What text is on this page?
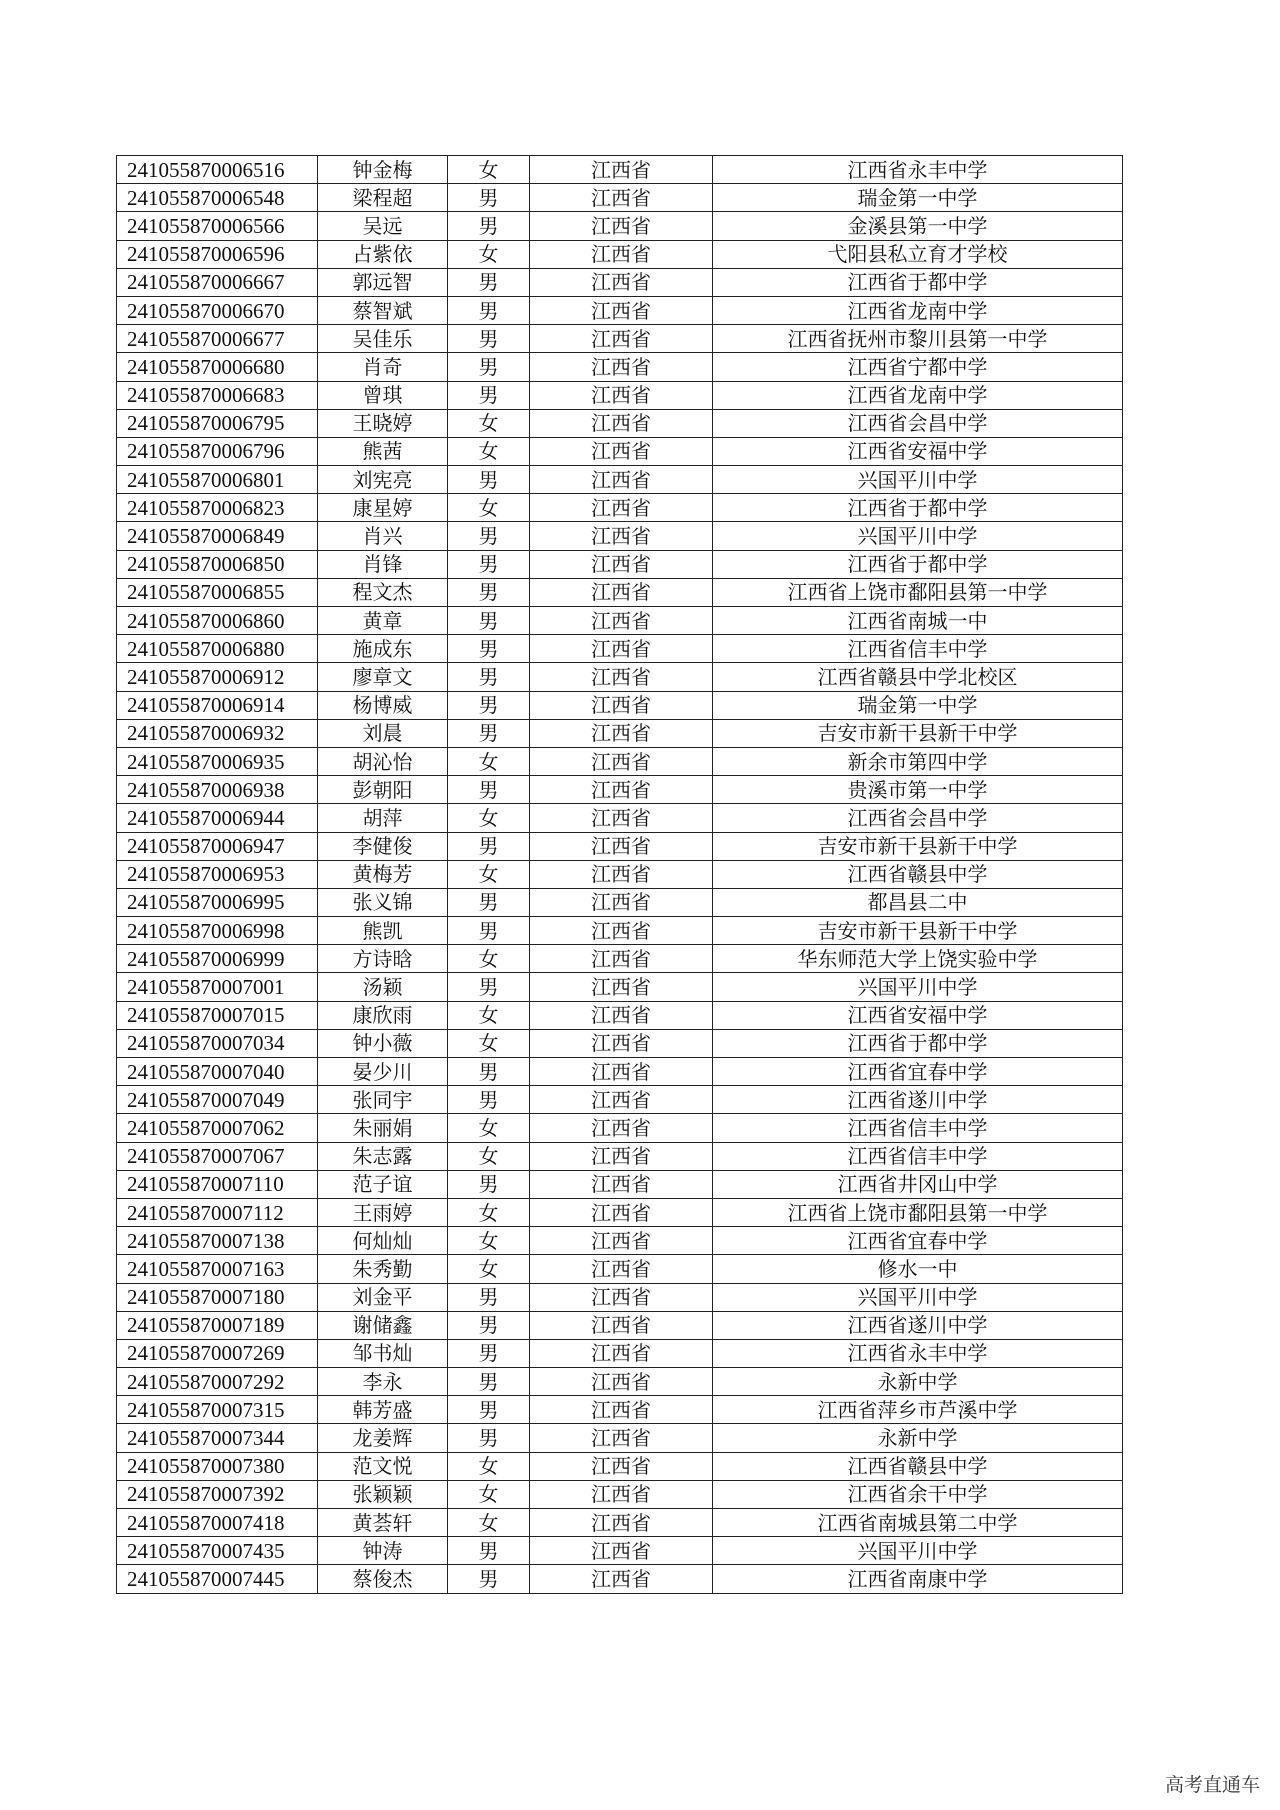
241055870006516	钟金梅	女	江西省	江西省永丰中学
241055870006548	梁程超	男	江西省	瑞金第一中学
241055870006566	吴远	男	江西省	金溪县第一中学
241055870006596	占紫依	女	江西省	弋阳县私立育才学校
241055870006667	郭远智	男	江西省	江西省于都中学
241055870006670	蔡智斌	男	江西省	江西省龙南中学
241055870006677	吴佳乐	男	江西省	江西省抚州市黎川县第一中学
241055870006680	肖奇	男	江西省	江西省宁都中学
241055870006683	曾琪	男	江西省	江西省龙南中学
241055870006795	王晓婷	女	江西省	江西省会昌中学
241055870006796	熊茜	女	江西省	江西省安福中学
241055870006801	刘宪亮	男	江西省	兴国平川中学
241055870006823	康星婷	女	江西省	江西省于都中学
241055870006849	肖兴	男	江西省	兴国平川中学
241055870006850	肖锋	男	江西省	江西省于都中学
241055870006855	程文杰	男	江西省	江西省上饶市鄱阳县第一中学
241055870006860	黄章	男	江西省	江西省南城一中
241055870006880	施成东	男	江西省	江西省信丰中学
241055870006912	廖章文	男	江西省	江西省赣县中学北校区
241055870006914	杨博威	男	江西省	瑞金第一中学
241055870006932	刘晨	男	江西省	吉安市新干县新干中学
241055870006935	胡沁怡	女	江西省	新余市第四中学
241055870006938	彭朝阳	男	江西省	贵溪市第一中学
241055870006944	胡萍	女	江西省	江西省会昌中学
241055870006947	李健俊	男	江西省	吉安市新干县新干中学
241055870006953	黄梅芳	女	江西省	江西省赣县中学
241055870006995	张义锦	男	江西省	都昌县二中
241055870006998	熊凯	男	江西省	吉安市新干县新干中学
241055870006999	方诗晗	女	江西省	华东师范大学上饶实验中学
241055870007001	汤颖	男	江西省	兴国平川中学
241055870007015	康欣雨	女	江西省	江西省安福中学
241055870007034	钟小薇	女	江西省	江西省于都中学
241055870007040	晏少川	男	江西省	江西省宜春中学
241055870007049	张同宇	男	江西省	江西省遂川中学
241055870007062	朱丽娟	女	江西省	江西省信丰中学
241055870007067	朱志露	女	江西省	江西省信丰中学
241055870007110	范子谊	男	江西省	江西省井冈山中学
241055870007112	王雨婷	女	江西省	江西省上饶市鄱阳县第一中学
241055870007138	何灿灿	女	江西省	江西省宜春中学
241055870007163	朱秀勤	女	江西省	修水一中
241055870007180	刘金平	男	江西省	兴国平川中学
241055870007189	谢储鑫	男	江西省	江西省遂川中学
241055870007269	邹书灿	男	江西省	江西省永丰中学
241055870007292	李永	男	江西省	永新中学
241055870007315	韩芳盛	男	江西省	江西省萍乡市芦溪中学
241055870007344	龙姜辉	男	江西省	永新中学
241055870007380	范文悦	女	江西省	江西省赣县中学
241055870007392	张颖颖	女	江西省	江西省余干中学
241055870007418	黄荟轩	女	江西省	江西省南城县第二中学
241055870007435	钟涛	男	江西省	兴国平川中学
241055870007445	蔡俊杰	男	江西省	江西省南康中学
高考直通车
